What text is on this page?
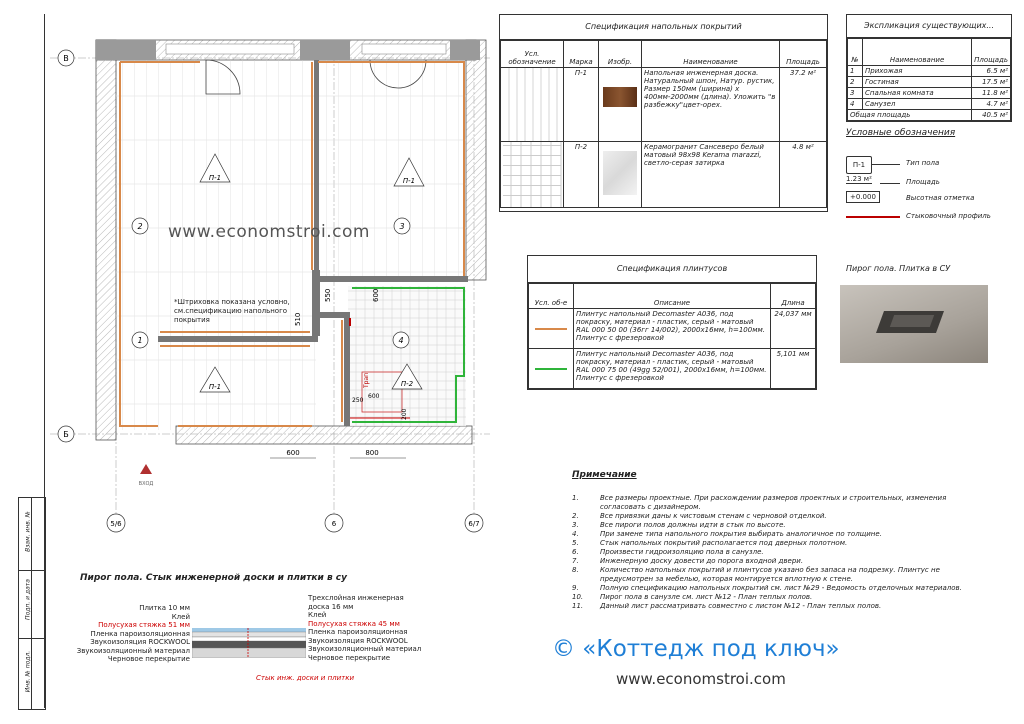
Взам. инв. №
Подп. и дата
Инв. № подл.
2
1
3
4
П-1
П-1
П-1
П-2
510
550	600
250
600
200
Трап
600	800
*Штриховка показана условно, см.спецификацию напольного покрытия
ВХОД
В
Б
5/6	6	6/7
www.economstroi.com
Спецификация напольных покрытий
Усл. обозначение	Марка	Изобр.	Наименование	Площадь
	П-1		Напольная инженерная доска. Натуральный шпон, Натур. рустик, Размер 150мм (ширина) х 400мм-2000мм (длина). Уложить "в разбежку"цвет-орех.	37.2 м²

	П-2		Керамогранит Сансеверо белый матовый 98х98 Kerama marazzi, светло-серая затирка	4.8 м²
Экспликация существующих...
№	Наименование	Площадь
1	Прихожая	6.5 м²
2	Гостиная	17.5 м²
3	Спальная комната	11.8 м²
4	Санузел	4.7 м²
Общая площадь		40.5 м²
Условные обозначения
П-1	Тип пола
1.23 м²	Площадь
+0.000	Высотная отметка
Стыковочный профиль
Спецификация плинтусов
Усл. об-е	Описание	Длина

	Плинтус напольный Decomaster A036, под покраску, материал - пластик, серый - матовый RAL 000 50 00 (36гг 14/002), 2000х16мм, h=100мм. Плинтус с фрезеровкой	24,037 мм

	Плинтус напольный Decomaster A036, под покраску, материал - пластик, серый - матовый RAL 000 75 00 (49gg 52/001), 2000х16мм, h=100мм. Плинтус с фрезеровкой	5,101 мм
Пирог пола. Плитка в СУ
Пирог пола. Стык инженерной доски и плитки в су
Плитка 10 мм
Клей
Полусухая стяжка 51 мм
Пленка пароизоляционная
Звукоизоляция ROCKWOOL
Звукоизоляционный материал
Черновое перекрытие
Трехслойная инженерная
доска 16 мм
Клей
Полусухая стяжка 45 мм
Пленка пароизоляционная
Звукоизоляция ROCKWOOL
Звукоизоляционный материал
Черновое перекрытие
Стык инж. доски и плитки
Примечание
1.	Все размеры проектные. При расхождении размеров проектных и строительных, изменения согласовать с дизайнером.
2.	Все привязки даны к чистовым стенам с черновой отделкой.
3.	Все пироги полов должны идти в стык по высоте.
4.	При замене типа напольного покрытия выбирать аналогичное по толщине.
5.	Стык напольных покрытий располагается под дверных полотном.
6.	Произвести гидроизоляцию пола в санузле.
7.	Инженерную доску довести до порога входной двери.
8.	Количество напольных покрытий и плинтусов указано без запаса на подрезку. Плинтус не предусмотрен за мебелью, которая монтируется вплотную к стене.
9.	Полную спецификацию напольных покрытий см. лист №29 - Ведомость отделочных материалов.
10.	Пирог пола в санузле см. лист №12 - План теплых полов.
11.	Данный лист рассматривать совместно с листом №12 - План теплых полов.
© «Коттедж под ключ»
www.economstroi.com
